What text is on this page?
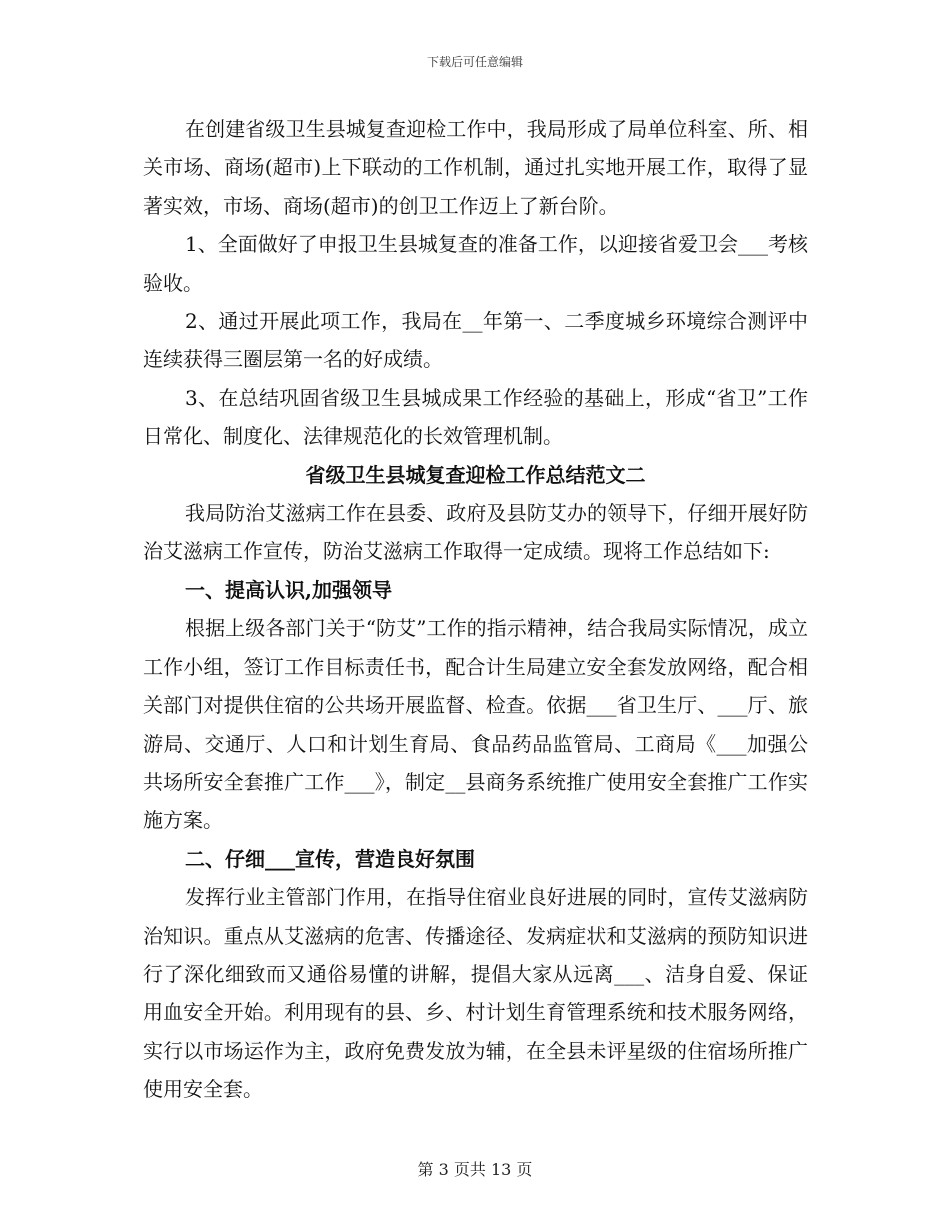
下载后可任意编辑

在创建省级卫生县城复查迎检工作中，我局形成了局单位科室、所、相关市场、商场(超市)上下联动的工作机制，通过扎实地开展工作，取得了显著实效，市场、商场(超市)的创卫工作迈上了新台阶。

1、全面做好了申报卫生县城复查的准备工作，以迎接省爱卫会___考核验收。

2、通过开展此项工作，我局在__年第一、二季度城乡环境综合测评中连续获得三圈层第一名的好成绩。

3、在总结巩固省级卫生县城成果工作经验的基础上，形成“省卫”工作日常化、制度化、法律规范化的长效管理机制。

省级卫生县城复查迎检工作总结范文二

我局防治艾滋病工作在县委、政府及县防艾办的领导下，仔细开展好防治艾滋病工作宣传，防治艾滋病工作取得一定成绩。现将工作总结如下:

一、提高认识,加强领导

根据上级各部门关于“防艾”工作的指示精神，结合我局实际情况，成立工作小组，签订工作目标责任书，配合计生局建立安全套发放网络，配合相关部门对提供住宿的公共场开展监督、检查。依据___省卫生厅、___厅、旅游局、交通厅、人口和计划生育局、食品药品监管局、工商局《___加强公共场所安全套推广工作___》，制定__县商务系统推广使用安全套推广工作实施方案。

二、仔细___宣传，营造良好氛围

发挥行业主管部门作用，在指导住宿业良好进展的同时，宣传艾滋病防治知识。重点从艾滋病的危害、传播途径、发病症状和艾滋病的预防知识进行了深化细致而又通俗易懂的讲解，提倡大家从远离___、洁身自爱、保证用血安全开始。利用现有的县、乡、村计划生育管理系统和技术服务网络，实行以市场运作为主，政府免费发放为辅，在全县未评星级的住宿场所推广使用安全套。

第 3 页共 13 页
